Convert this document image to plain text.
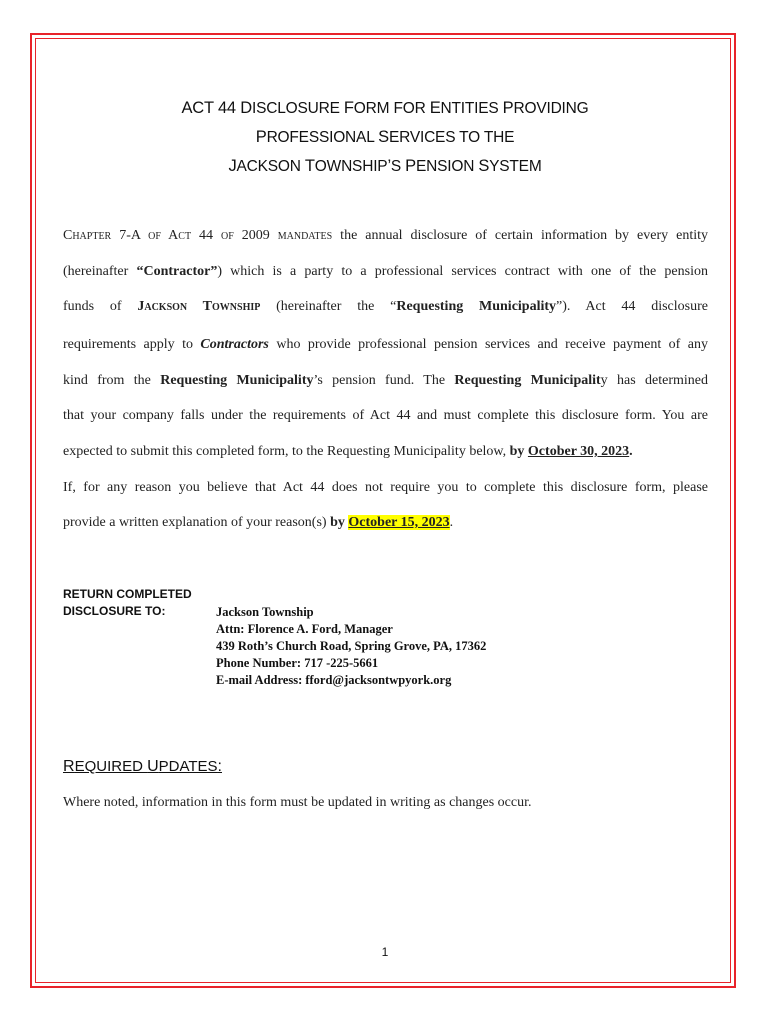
ACT 44 DISCLOSURE FORM FOR ENTITIES PROVIDING
PROFESSIONAL SERVICES TO THE
JACKSON TOWNSHIP’S PENSION SYSTEM
Chapter 7-A of Act 44 of 2009 mandates the annual disclosure of certain information by every entity
(hereinafter “Contractor”) which is a party to a professional services contract with one of the pension
funds of Jackson Township (hereinafter the “Requesting Municipality”). Act 44 disclosure
requirements apply to Contractors who provide professional pension services and receive payment of any
kind from the Requesting Municipality’s pension fund. The Requesting Municipality has determined
that your company falls under the requirements of Act 44 and must complete this disclosure form. You are
expected to submit this completed form, to the Requesting Municipality below, by October 30, 2023.
If, for any reason you believe that Act 44 does not require you to complete this disclosure form, please
provide a written explanation of your reason(s) by October 15, 2023.
RETURN COMPLETED
DISCLOSURE TO:	Jackson Township
Attn: Florence A. Ford, Manager
439 Roth’s Church Road, Spring Grove, PA, 17362
Phone Number: 717 -225-5661
E-mail Address: fford@jacksontwpyork.org
REQUIRED UPDATES:
Where noted, information in this form must be updated in writing as changes occur.
1
